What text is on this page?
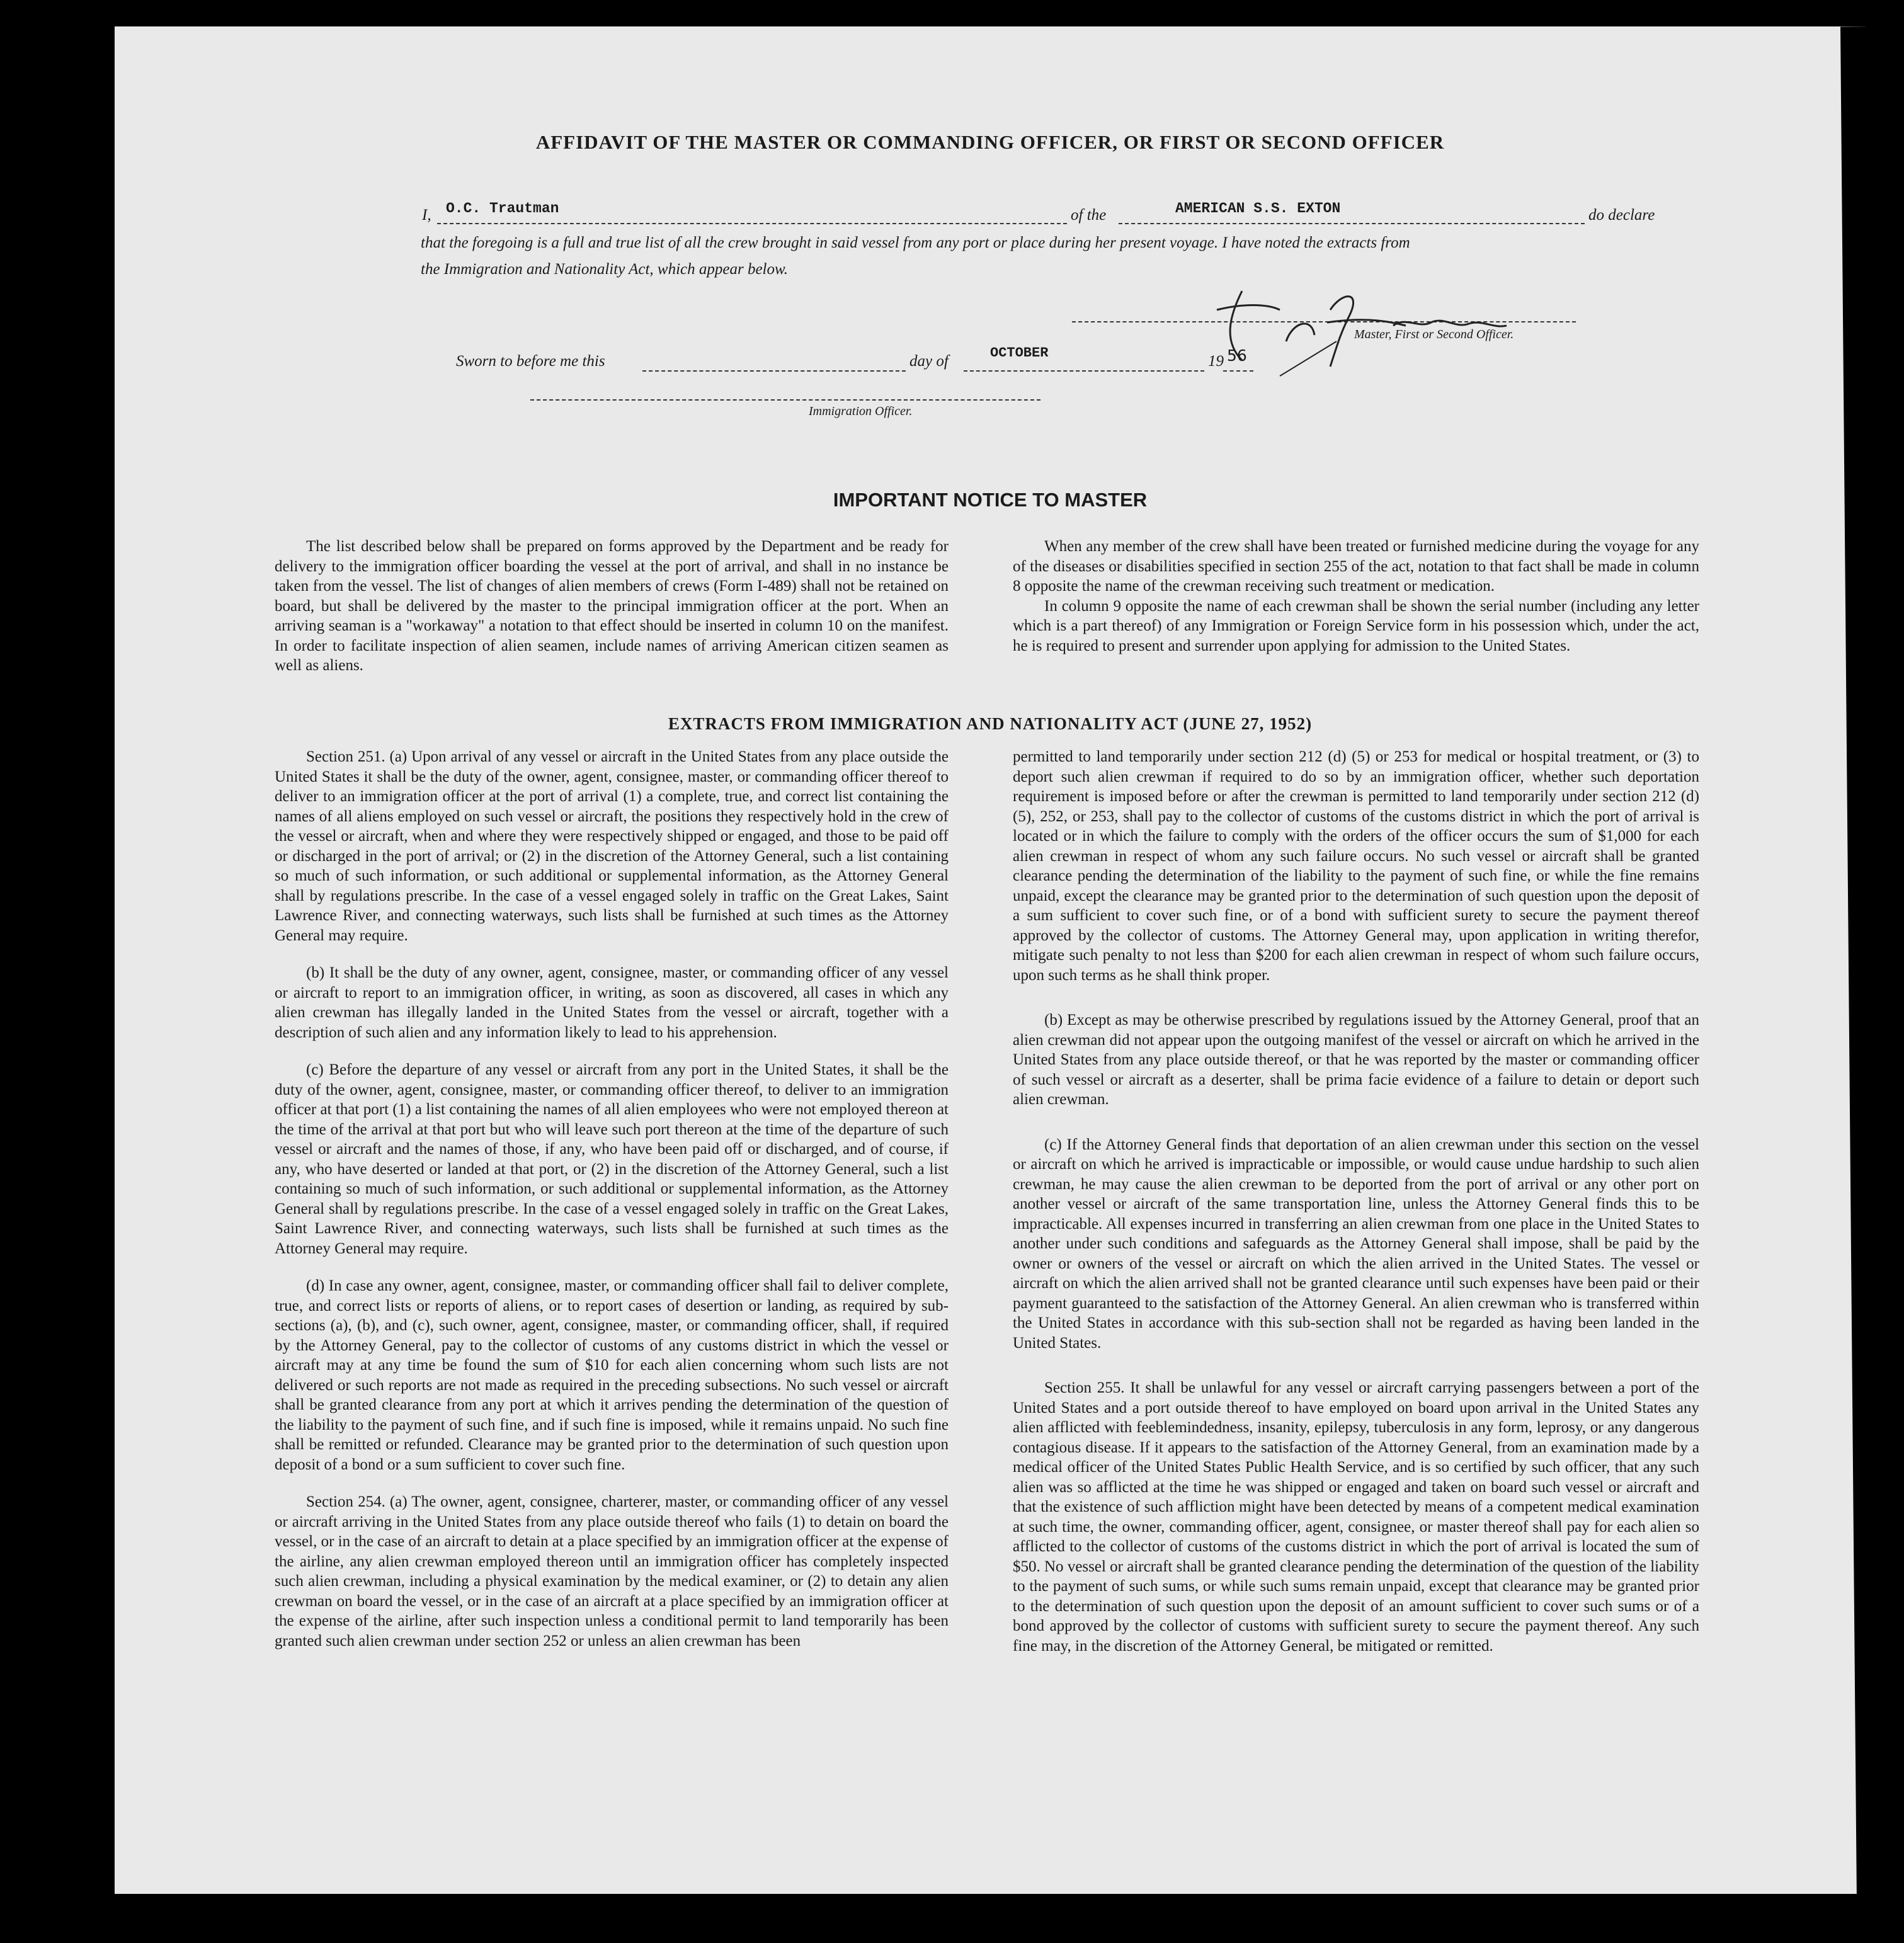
AFFIDAVIT OF THE MASTER OR COMMANDING OFFICER, OR FIRST OR SECOND OFFICER
I, O.C. Trautman	of the	AMERICAN S.S. EXTON	do declare
that the foregoing is a full and true list of all the crew brought in said vessel from any port or place during her present voyage. I have noted the extracts from
the Immigration and Nationality Act, which appear below.
Master, First or Second Officer.
Sworn to before me this	day of	OCTOBER	19 56
Immigration Officer.
IMPORTANT NOTICE TO MASTER

The list described below shall be prepared on forms approved by the Department and be ready for delivery to the immigration officer boarding the vessel at the port of arrival, and shall in no instance be taken from the vessel. The list of changes of alien members of crews (Form I-489) shall not be retained on board, but shall be delivered by the master to the principal immigration officer at the port. When an arriving seaman is a "workaway" a notation to that effect should be inserted in column 10 on the manifest. In order to facilitate inspection of alien seamen, include names of arriving American citizen seamen as well as aliens.

When any member of the crew shall have been treated or furnished medicine during the voyage for any of the diseases or disabilities specified in section 255 of the act, notation to that fact shall be made in column 8 opposite the name of the crewman receiving such treatment or medication.

In column 9 opposite the name of each crewman shall be shown the serial number (including any letter which is a part thereof) of any Immigration or Foreign Service form in his possession which, under the act, he is required to present and surrender upon applying for admission to the United States.

EXTRACTS FROM IMMIGRATION AND NATIONALITY ACT (JUNE 27, 1952)

Section 251. (a) Upon arrival of any vessel or aircraft in the United States from any place outside the United States it shall be the duty of the owner, agent, consignee, master, or commanding officer thereof to deliver to an immigration officer at the port of arrival (1) a complete, true, and correct list containing the names of all aliens employed on such vessel or aircraft, the positions they respectively hold in the crew of the vessel or aircraft, when and where they were respectively shipped or engaged, and those to be paid off or discharged in the port of arrival; or (2) in the discretion of the Attorney General, such a list containing so much of such information, or such additional or supplemental information, as the Attorney General shall by regulations prescribe. In the case of a vessel engaged solely in traffic on the Great Lakes, Saint Lawrence River, and connecting waterways, such lists shall be furnished at such times as the Attorney General may require.

(b) It shall be the duty of any owner, agent, consignee, master, or commanding officer of any vessel or aircraft to report to an immigration officer, in writing, as soon as discovered, all cases in which any alien crewman has illegally landed in the United States from the vessel or aircraft, together with a description of such alien and any information likely to lead to his apprehension.

(c) Before the departure of any vessel or aircraft from any port in the United States, it shall be the duty of the owner, agent, consignee, master, or commanding officer thereof, to deliver to an immigration officer at that port (1) a list containing the names of all alien employees who were not employed thereon at the time of the arrival at that port but who will leave such port thereon at the time of the departure of such vessel or aircraft and the names of those, if any, who have been paid off or discharged, and of course, if any, who have deserted or landed at that port, or (2) in the discretion of the Attorney General, such a list containing so much of such information, or such additional or supplemental information, as the Attorney General shall by regulations prescribe. In the case of a vessel engaged solely in traffic on the Great Lakes, Saint Lawrence River, and connecting waterways, such lists shall be furnished at such times as the Attorney General may require.

(d) In case any owner, agent, consignee, master, or commanding officer shall fail to deliver complete, true, and correct lists or reports of aliens, or to report cases of desertion or landing, as required by sub-sections (a), (b), and (c), such owner, agent, consignee, master, or commanding officer, shall, if required by the Attorney General, pay to the collector of customs of any customs district in which the vessel or aircraft may at any time be found the sum of $10 for each alien concerning whom such lists are not delivered or such reports are not made as required in the preceding subsections. No such vessel or aircraft shall be granted clearance from any port at which it arrives pending the determination of the question of the liability to the payment of such fine, and if such fine is imposed, while it remains unpaid. No such fine shall be remitted or refunded. Clearance may be granted prior to the determination of such question upon deposit of a bond or a sum sufficient to cover such fine.

Section 254. (a) The owner, agent, consignee, charterer, master, or commanding officer of any vessel or aircraft arriving in the United States from any place outside thereof who fails (1) to detain on board the vessel, or in the case of an aircraft to detain at a place specified by an immigration officer at the expense of the airline, any alien crewman employed thereon until an immigration officer has completely inspected such alien crewman, including a physical examination by the medical examiner, or (2) to detain any alien crewman on board the vessel, or in the case of an aircraft at a place specified by an immigration officer at the expense of the airline, after such inspection unless a conditional permit to land temporarily has been granted such alien crewman under section 252 or unless an alien crewman has been

permitted to land temporarily under section 212 (d) (5) or 253 for medical or hospital treatment, or (3) to deport such alien crewman if required to do so by an immigration officer, whether such deportation requirement is imposed before or after the crewman is permitted to land temporarily under section 212 (d) (5), 252, or 253, shall pay to the collector of customs of the customs district in which the port of arrival is located or in which the failure to comply with the orders of the officer occurs the sum of $1,000 for each alien crewman in respect of whom any such failure occurs. No such vessel or aircraft shall be granted clearance pending the determination of the liability to the payment of such fine, or while the fine remains unpaid, except the clearance may be granted prior to the determination of such question upon the deposit of a sum sufficient to cover such fine, or of a bond with sufficient surety to secure the payment thereof approved by the collector of customs. The Attorney General may, upon application in writing therefor, mitigate such penalty to not less than $200 for each alien crewman in respect of whom such failure occurs, upon such terms as he shall think proper.

(b) Except as may be otherwise prescribed by regulations issued by the Attorney General, proof that an alien crewman did not appear upon the outgoing manifest of the vessel or aircraft on which he arrived in the United States from any place outside thereof, or that he was reported by the master or commanding officer of such vessel or aircraft as a deserter, shall be prima facie evidence of a failure to detain or deport such alien crewman.

(c) If the Attorney General finds that deportation of an alien crewman under this section on the vessel or aircraft on which he arrived is impracticable or impossible, or would cause undue hardship to such alien crewman, he may cause the alien crewman to be deported from the port of arrival or any other port on another vessel or aircraft of the same transportation line, unless the Attorney General finds this to be impracticable. All expenses incurred in transferring an alien crewman from one place in the United States to another under such conditions and safeguards as the Attorney General shall impose, shall be paid by the owner or owners of the vessel or aircraft on which the alien arrived in the United States. The vessel or aircraft on which the alien arrived shall not be granted clearance until such expenses have been paid or their payment guaranteed to the satisfaction of the Attorney General. An alien crewman who is transferred within the United States in accordance with this sub-section shall not be regarded as having been landed in the United States.

Section 255. It shall be unlawful for any vessel or aircraft carrying passengers between a port of the United States and a port outside thereof to have employed on board upon arrival in the United States any alien afflicted with feeblemindedness, insanity, epilepsy, tuberculosis in any form, leprosy, or any dangerous contagious disease. If it appears to the satisfaction of the Attorney General, from an examination made by a medical officer of the United States Public Health Service, and is so certified by such officer, that any such alien was so afflicted at the time he was shipped or engaged and taken on board such vessel or aircraft and that the existence of such affliction might have been detected by means of a competent medical examination at such time, the owner, commanding officer, agent, consignee, or master thereof shall pay for each alien so afflicted to the collector of customs of the customs district in which the port of arrival is located the sum of $50. No vessel or aircraft shall be granted clearance pending the determination of the question of the liability to the payment of such sums, or while such sums remain unpaid, except that clearance may be granted prior to the determination of such question upon the deposit of an amount sufficient to cover such sums or of a bond approved by the collector of customs with sufficient surety to secure the payment thereof. Any such fine may, in the discretion of the Attorney General, be mitigated or remitted.
